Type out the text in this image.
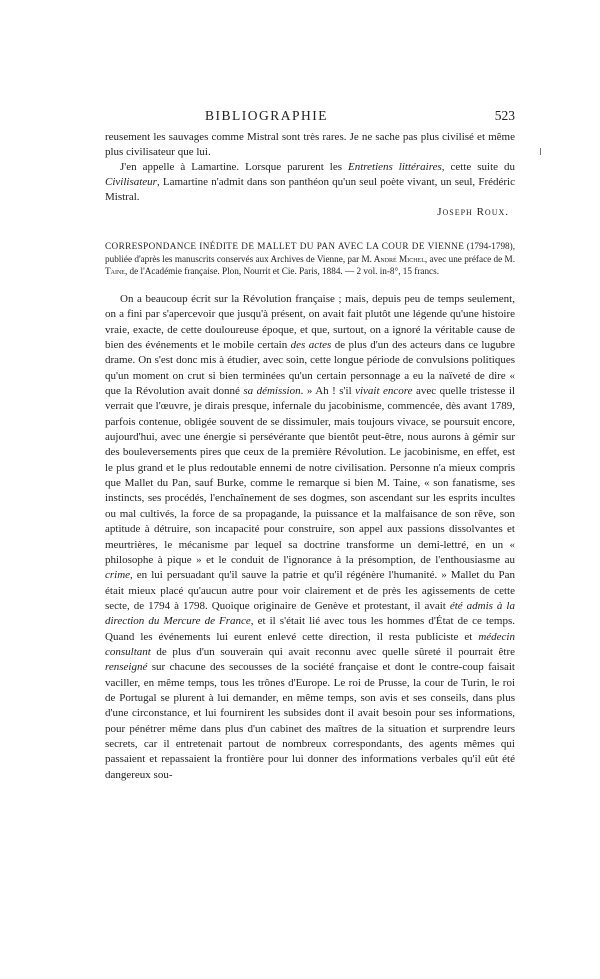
BIBLIOGRAPHIE	523

reusement les sauvages comme Mistral sont très rares. Je ne sache pas plus civilisé et même plus civilisateur que lui.

J'en appelle à Lamartine. Lorsque parurent les Entretiens littéraires, cette suite du Civilisateur, Lamartine n'admit dans son panthéon qu'un seul poète vivant, un seul, Frédéric Mistral.

Joseph Roux.
CORRESPONDANCE INÉDITE DE MALLET DU PAN AVEC LA COUR DE VIENNE (1794-1798), publiée d'après les manuscrits conservés aux Archives de Vienne, par M. André Michel, avec une préface de M. Taine, de l'Académie française. Plon, Nourrit et Cie. Paris, 1884. — 2 vol. in-8°, 15 francs.

On a beaucoup écrit sur la Révolution française ; mais, depuis peu de temps seulement, on a fini par s'apercevoir que jusqu'à présent, on avait fait plutôt une légende qu'une histoire vraie, exacte, de cette douloureuse époque, et que, surtout, on a ignoré la véritable cause de bien des événements et le mobile certain des actes de plus d'un des acteurs dans ce lugubre drame. On s'est donc mis à étudier, avec soin, cette longue période de convulsions politiques qu'un moment on crut si bien terminées qu'un certain personnage a eu la naïveté de dire « que la Révolution avait donné sa démission. » Ah ! s'il vivait encore avec quelle tristesse il verrait que l'œuvre, je dirais presque, infernale du jacobinisme, commencée, dès avant 1789, parfois contenue, obligée souvent de se dissimuler, mais toujours vivace, se poursuit encore, aujourd'hui, avec une énergie si persévérante que bientôt peut-être, nous aurons à gémir sur des bouleversements pires que ceux de la première Révolution. Le jacobinisme, en effet, est le plus grand et le plus redoutable ennemi de notre civilisation. Personne n'a mieux compris que Mallet du Pan, sauf Burke, comme le remarque si bien M. Taine, « son fanatisme, ses instincts, ses procédés, l'enchaînement de ses dogmes, son ascendant sur les esprits incultes ou mal cultivés, la force de sa propagande, la puissance et la malfaisance de son rêve, son aptitude à détruire, son incapacité pour construire, son appel aux passions dissolvantes et meurtrières, le mécanisme par lequel sa doctrine transforme un demi-lettré, en un « philosophe à pique » et le conduit de l'ignorance à la présomption, de l'enthousiasme au crime, en lui persuadant qu'il sauve la patrie et qu'il régénère l'humanité. » Mallet du Pan était mieux placé qu'aucun autre pour voir clairement et de près les agissements de cette secte, de 1794 à 1798. Quoique originaire de Genève et protestant, il avait été admis à la direction du Mercure de France, et il s'était lié avec tous les hommes d'État de ce temps. Quand les événements lui eurent enlevé cette direction, il resta publiciste et médecin consultant de plus d'un souverain qui avait reconnu avec quelle sûreté il pourrait être renseigné sur chacune des secousses de la société française et dont le contre-coup faisait vaciller, en même temps, tous les trônes d'Europe. Le roi de Prusse, la cour de Turin, le roi de Portugal se plurent à lui demander, en même temps, son avis et ses conseils, dans plus d'une circonstance, et lui fournirent les subsides dont il avait besoin pour ses informations, pour pénétrer même dans plus d'un cabinet des maîtres de la situation et surprendre leurs secrets, car il entretenait partout de nombreux correspondants, des agents mêmes qui passaient et repassaient la frontière pour lui donner des informations verbales qu'il eût été dangereux sou-
